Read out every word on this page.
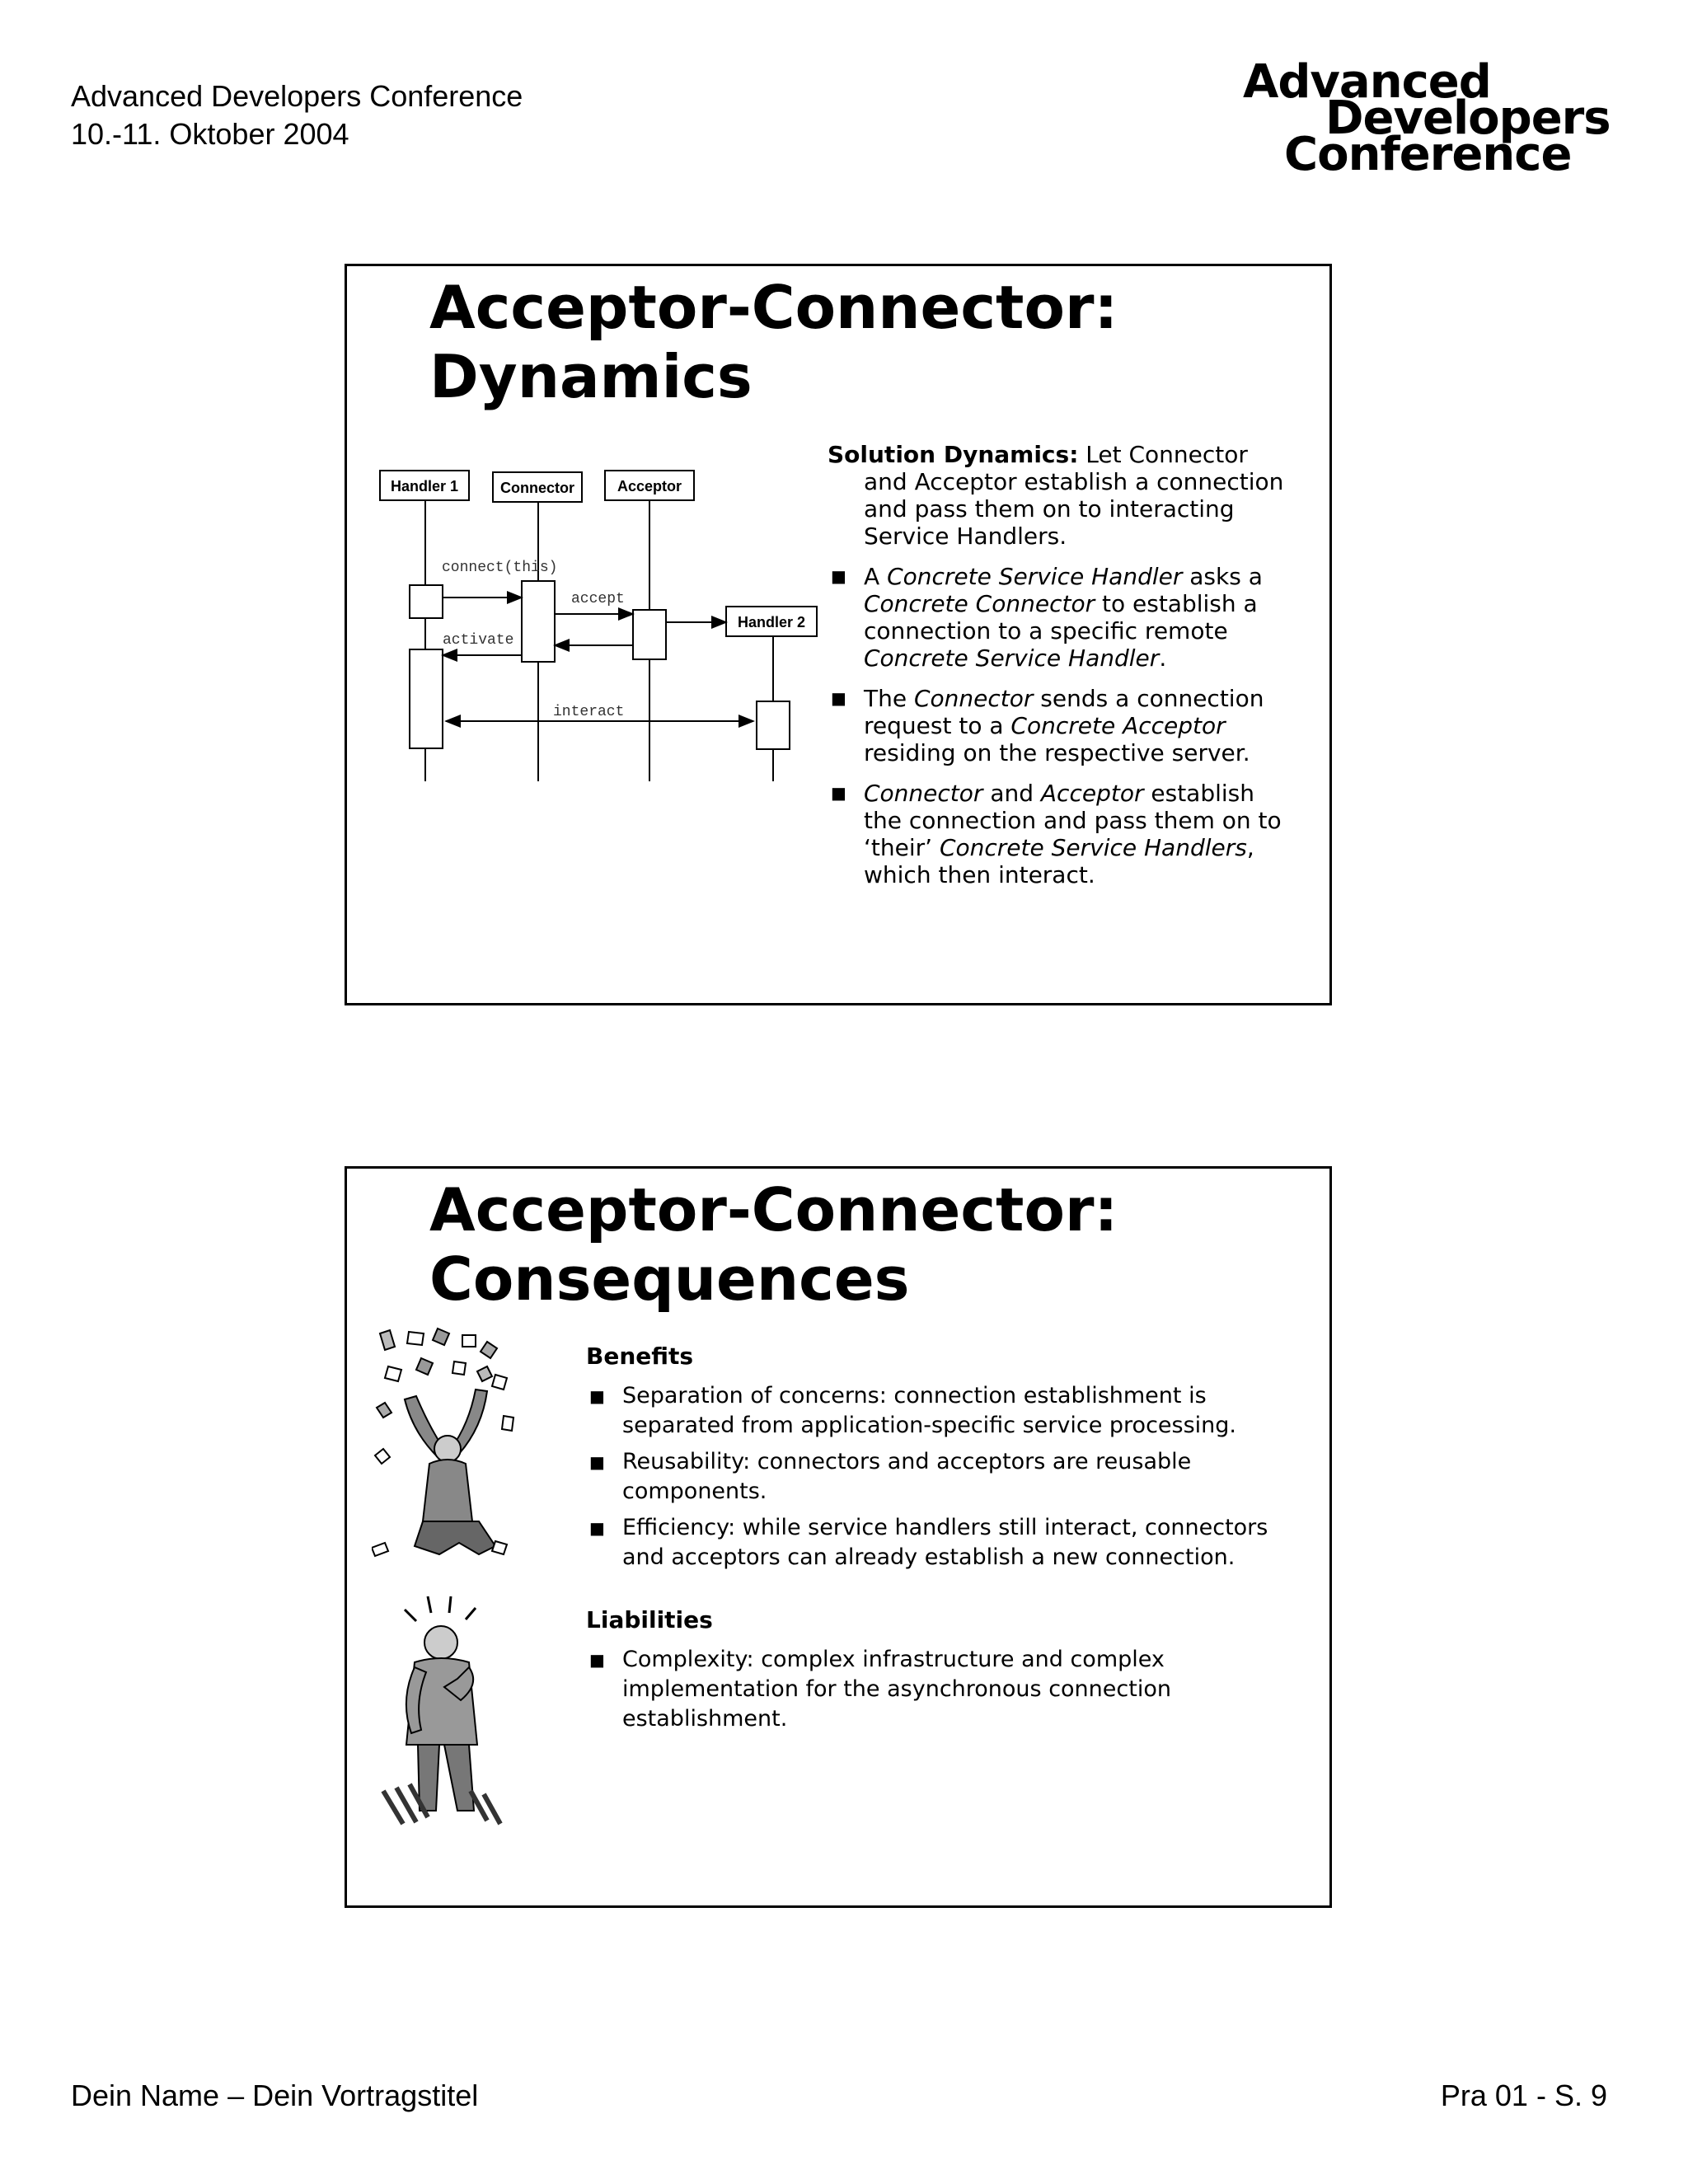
Advanced Developers Conference
10.-11. Oktober 2004
Advanced
Developers
Conference
Acceptor-Connector:
Dynamics
Handler 1	Connector	Acceptor
Handler 2
connect(this)
accept
activate
interact

Solution Dynamics: Let Connector and Acceptor establish a connection and pass them on to interacting Service Handlers.

■ A Concrete Service Handler asks a Concrete Connector to establish a connection to a specific remote Concrete Service Handler.
■ The Connector sends a connection request to a Concrete Acceptor residing on the respective server.
■ Connector and Acceptor establish the connection and pass them on to ‘their’ Concrete Service Handlers, which then interact.
Acceptor-Connector:
Consequences
Benefits
■ Separation of concerns: connection establishment is separated from application-specific service processing.
■ Reusability: connectors and acceptors are reusable components.
■ Efficiency: while service handlers still interact, connectors and acceptors can already establish a new connection.
Liabilities
■ Complexity: complex infrastructure and complex implementation for the asynchronous connection establishment.
Dein Name – Dein Vortragstitel	Pra 01 - S. 9
